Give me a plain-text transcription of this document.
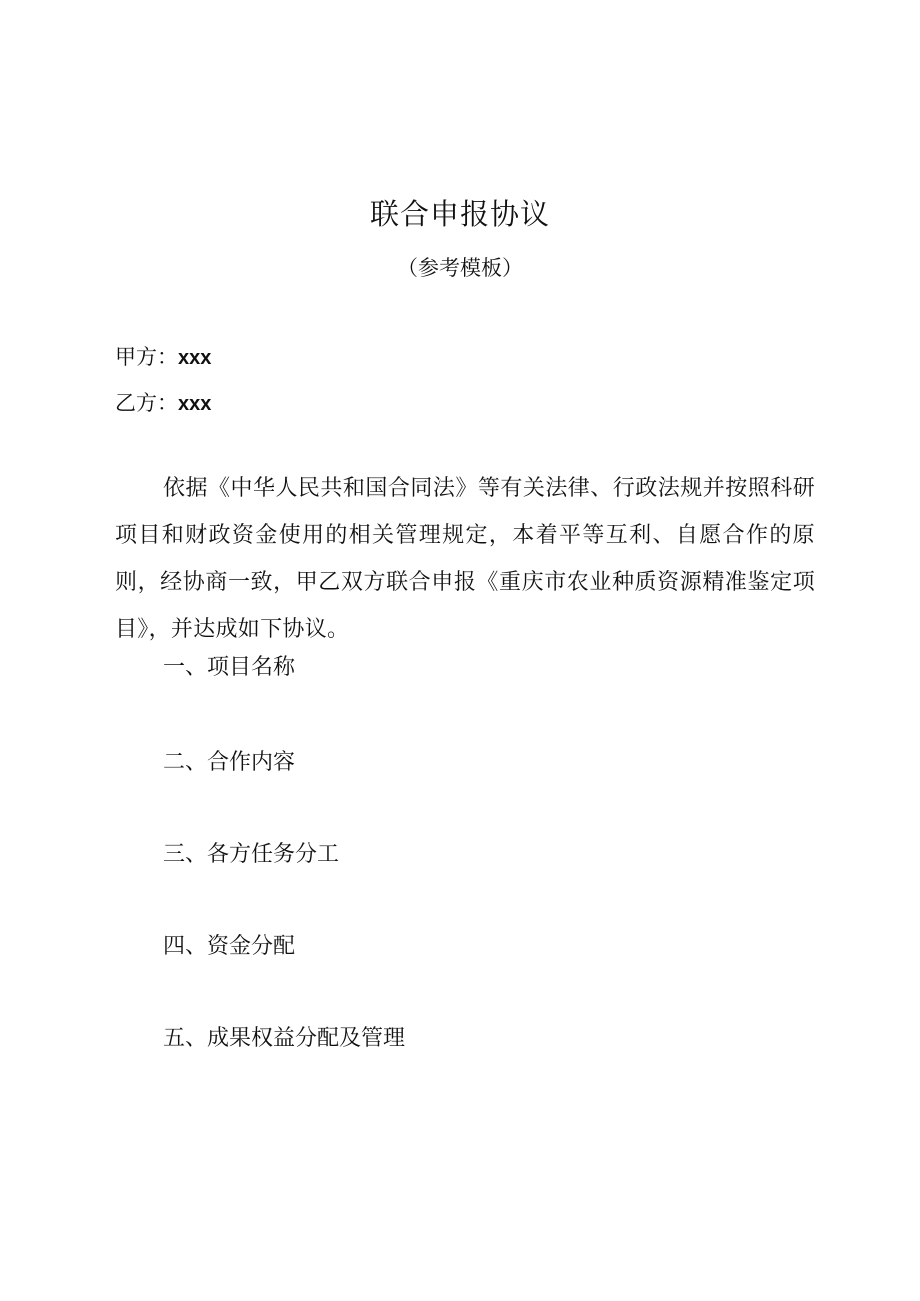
联合申报协议
（参考模板）
甲方：xxx
乙方：xxx
依据《中华人民共和国合同法》等有关法律、行政法规并按照科研项目和财政资金使用的相关管理规定，本着平等互利、自愿合作的原则，经协商一致，甲乙双方联合申报《重庆市农业种质资源精准鉴定项目》，并达成如下协议。
一、项目名称
二、合作内容
三、各方任务分工
四、资金分配
五、成果权益分配及管理
